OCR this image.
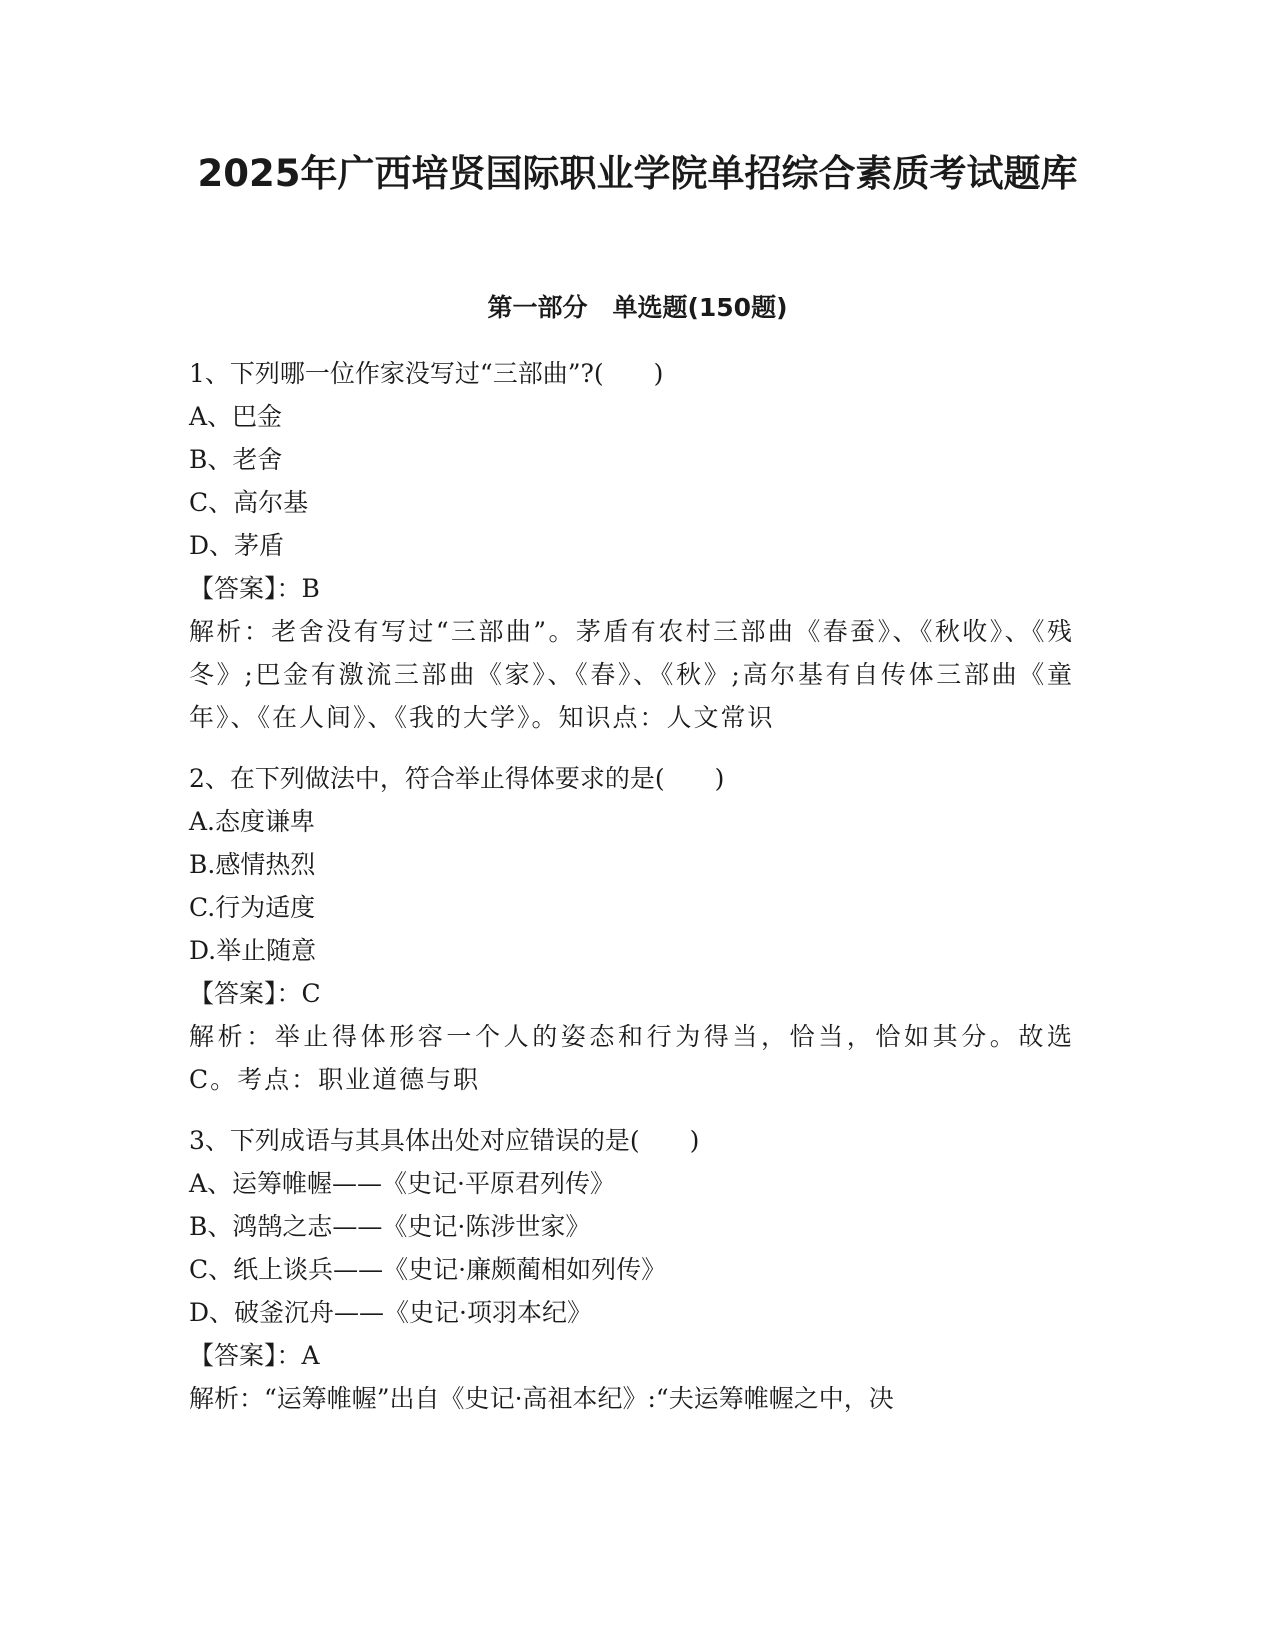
2025年广西培贤国际职业学院单招综合素质考试题库
第一部分　单选题(150题)
1、下列哪一位作家没写过“三部曲”?(　　)
A、巴金
B、老舍
C、高尔基
D、茅盾
【答案】：B
解析：老舍没有写过“三部曲”。茅盾有农村三部曲《春蚕》、《秋收》、《残冬》;巴金有激流三部曲《家》、《春》、《秋》;高尔基有自传体三部曲《童年》、《在人间》、《我的大学》。知识点：人文常识
2、在下列做法中，符合举止得体要求的是(　　)
A.态度谦卑
B.感情热烈
C.行为适度
D.举止随意
【答案】：C
解析：举止得体形容一个人的姿态和行为得当，恰当，恰如其分。故选C。考点：职业道德与职
3、下列成语与其具体出处对应错误的是(　　)
A、运筹帷幄——《史记·平原君列传》
B、鸿鹄之志——《史记·陈涉世家》
C、纸上谈兵——《史记·廉颇蔺相如列传》
D、破釜沉舟——《史记·项羽本纪》
【答案】：A
解析：“运筹帷幄”出自《史记·高祖本纪》:“夫运筹帷幄之中，决
